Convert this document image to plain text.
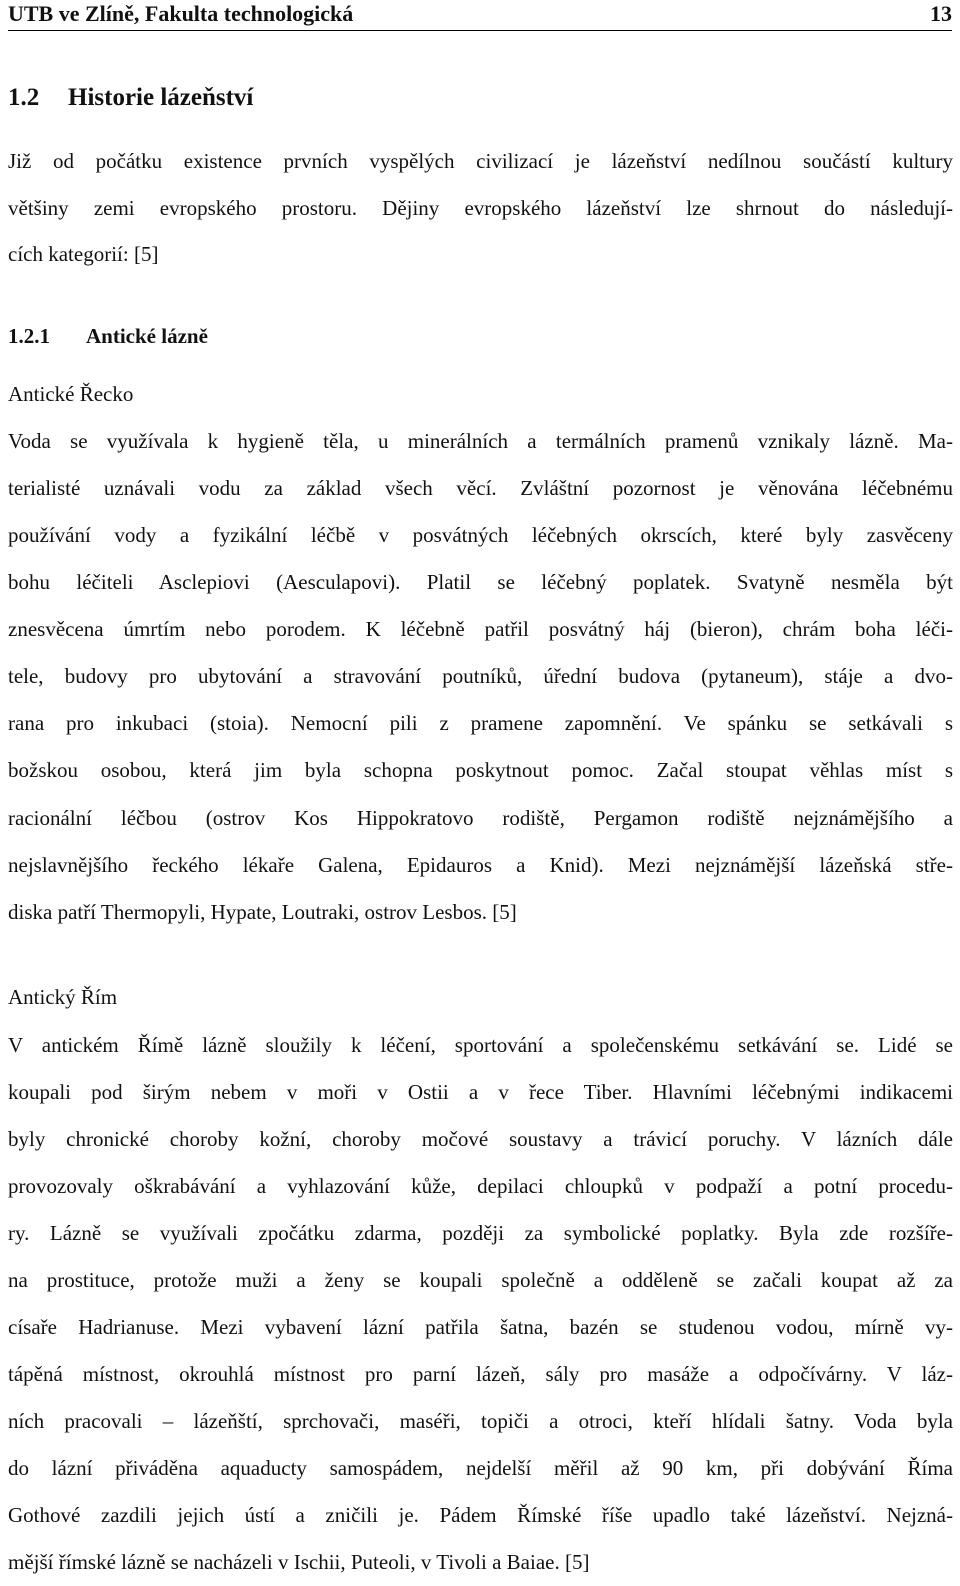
UTB ve Zlíně, Fakulta technologická	13
1.2 Historie lázeňství
Již od počátku existence prvních vyspělých civilizací je lázeňství nedílnou součástí kultury
většiny zemi evropského prostoru. Dějiny evropského lázeňství lze shrnout do následují-
cích kategorií: [5]
1.2.1 Antické lázně
Antické Řecko
Voda se využívala k hygieně těla, u minerálních a termálních pramenů vznikaly lázně. Ma-
terialisté uznávali vodu za základ všech věcí. Zvláštní pozornost je věnována léčebnému
používání vody a fyzikální léčbě v posvátných léčebných okrscích, které byly zasvěceny
bohu léčiteli Asclepiovi (Aesculapovi). Platil se léčebný poplatek. Svatyně nesměla být
znesvěcena úmrtím nebo porodem. K léčebně patřil posvátný háj (bieron), chrám boha léči-
tele, budovy pro ubytování a stravování poutníků, úřední budova (pytaneum), stáje a dvo-
rana pro inkubaci (stoia). Nemocní pili z pramene zapomnění. Ve spánku se setkávali s
božskou osobou, která jim byla schopna poskytnout pomoc. Začal stoupat věhlas míst s
racionální léčbou (ostrov Kos Hippokratovo rodiště, Pergamon rodiště nejznámějšího a
nejslavnějšího řeckého lékaře Galena, Epidauros a Knid). Mezi nejznámější lázeňská stře-
diska patří Thermopyli, Hypate, Loutraki, ostrov Lesbos. [5]
Antický Řím
V antickém Římě lázně sloužily k léčení, sportování a společenskému setkávání se. Lidé se
koupali pod širým nebem v moři v Ostii a v řece Tiber. Hlavními léčebnými indikacemi
byly chronické choroby kožní, choroby močové soustavy a trávicí poruchy. V lázních dále
provozovaly oškrabávání a vyhlazování kůže, depilaci chloupků v podpaží a potní procedu-
ry. Lázně se využívali zpočátku zdarma, později za symbolické poplatky. Byla zde rozšíře-
na prostituce, protože muži a ženy se koupali společně a odděleně se začali koupat až za
císaře Hadrianuse. Mezi vybavení lázní patřila šatna, bazén se studenou vodou, mírně vy-
tápěná místnost, okrouhlá místnost pro parní lázeň, sály pro masáže a odpočívárny. V láz-
ních pracovali – lázeňští, sprchovači, maséři, topiči a otroci, kteří hlídali šatny. Voda byla
do lázní přiváděna aquaducty samospádem, nejdelší měřil až 90 km, při dobývání Říma
Gothové zazdili jejich ústí a zničili je. Pádem Římské říše upadlo také lázeňství. Nejzná-
mější římské lázně se nacházeli v Ischii, Puteoli, v Tivoli a Baiae. [5]
